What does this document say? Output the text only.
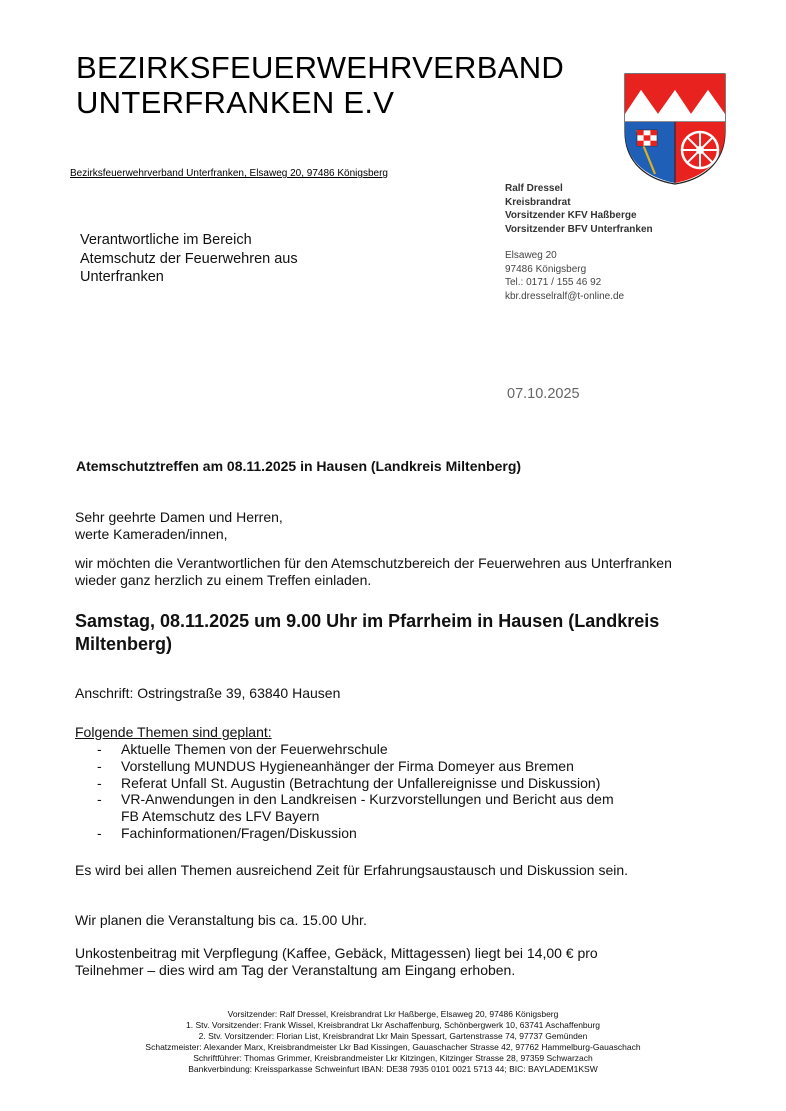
BEZIRKSFEUERWEHRVERBAND
UNTERFRANKEN E.V
Bezirksfeuerwehrverband Unterfranken, Elsaweg 20, 97486 Königsberg
Ralf Dressel
Kreisbrandrat
Vorsitzender KFV Haßberge
Vorsitzender BFV Unterfranken
Elsaweg 20
97486 Königsberg
Tel.: 0171 / 155 46 92
kbr.dresselralf@t-online.de
Verantwortliche im Bereich
Atemschutz der Feuerwehren aus
Unterfranken
07.10.2025
Atemschutztreffen am 08.11.2025 in Hausen (Landkreis Miltenberg)
Sehr geehrte Damen und Herren,
werte Kameraden/innen,
wir möchten die Verantwortlichen für den Atemschutzbereich der Feuerwehren aus Unterfranken wieder ganz herzlich zu einem Treffen einladen.
Samstag, 08.11.2025 um 9.00 Uhr im Pfarrheim in Hausen (Landkreis Miltenberg)
Anschrift: Ostringstraße 39, 63840 Hausen
Folgende Themen sind geplant:
- Aktuelle Themen von der Feuerwehrschule
- Vorstellung MUNDUS Hygieneanhänger der Firma Domeyer aus Bremen
- Referat Unfall St. Augustin (Betrachtung der Unfallereignisse und Diskussion)
- VR-Anwendungen in den Landkreisen - Kurzvorstellungen und Bericht aus dem FB Atemschutz des LFV Bayern
- Fachinformationen/Fragen/Diskussion
Es wird bei allen Themen ausreichend Zeit für Erfahrungsaustausch und Diskussion sein.
Wir planen die Veranstaltung bis ca. 15.00 Uhr.
Unkostenbeitrag mit Verpflegung (Kaffee, Gebäck, Mittagessen) liegt bei 14,00 € pro Teilnehmer – dies wird am Tag der Veranstaltung am Eingang erhoben.
Vorsitzender: Ralf Dressel, Kreisbrandrat Lkr Haßberge, Elsaweg 20, 97486 Königsberg
1. Stv. Vorsitzender: Frank Wissel, Kreisbrandrat Lkr Aschaffenburg, Schönbergwerk 10, 63741 Aschaffenburg
2. Stv. Vorsitzender: Florian List, Kreisbrandrat Lkr Main Spessart, Gartenstrasse 74, 97737 Gemünden
Schatzmeister: Alexander Marx, Kreisbrandmeister Lkr Bad Kissingen, Gauaschacher Strasse 42, 97762 Hammelburg-Gauaschach
Schriftführer: Thomas Grimmer, Kreisbrandmeister Lkr Kitzingen, Kitzinger Strasse 28, 97359 Schwarzach
Bankverbindung: Kreissparkasse Schweinfurt IBAN: DE38 7935 0101 0021 5713 44; BIC: BAYLADEM1KSW
